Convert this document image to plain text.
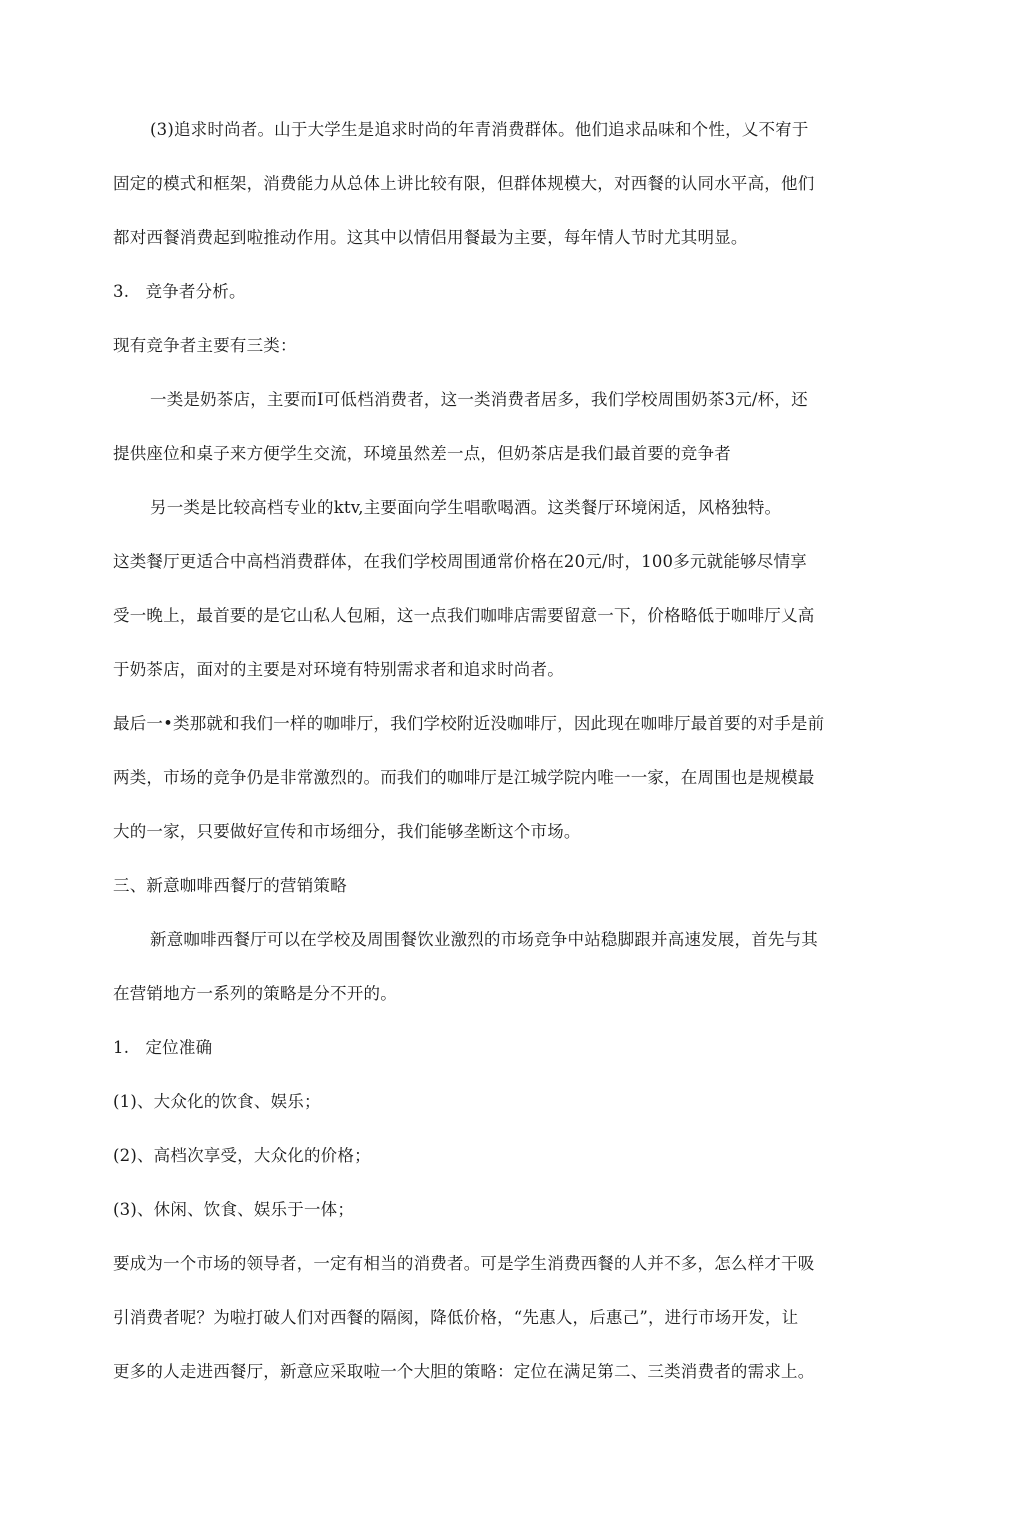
(3)追求时尚者。山于大学生是追求时尚的年青消费群体。他们追求品味和个性，乂不宥于
固定的模式和框架，消费能力从总体上讲比较有限，但群体规模大，对西餐的认同水平高，他们
都对西餐消费起到啦推动作用。这其中以情侣用餐最为主要，每年情人节时尤其明显。
3.   竞争者分析。
现有竞争者主要有三类：
一类是奶茶店，主要而I可低档消费者，这一类消费者居多，我们学校周围奶茶3元/杯，还
提供座位和桌子来方便学生交流，环境虽然差一点，但奶茶店是我们最首要的竞争者
另一类是比较高档专业的ktv,主要面向学生唱歌喝酒。这类餐厅环境闲适，风格独特。
这类餐厅更适合中高档消费群体，在我们学校周围通常价格在20元/时，100多元就能够尽情享
受一晚上，最首要的是它山私人包厢，这一点我们咖啡店需要留意一下，价格略低于咖啡厅乂高
于奶茶店，面对的主要是对环境有特别需求者和追求时尚者。
最后一•类那就和我们一样的咖啡厅，我们学校附近没咖啡厅，因此现在咖啡厅最首要的对手是前
两类，市场的竞争仍是非常激烈的。而我们的咖啡厅是江城学院内唯一一家，在周围也是规模最
大的一家，只要做好宣传和市场细分，我们能够垄断这个市场。
三、新意咖啡西餐厅的营销策略
新意咖啡西餐厅可以在学校及周围餐饮业激烈的市场竞争中站稳脚跟并高速发展，首先与其
在营销地方一系列的策略是分不开的。
1.   定位准确
(1)、大众化的饮食、娱乐；
(2)、高档次享受，大众化的价格；
(3)、休闲、饮食、娱乐于一体；
要成为一个市场的领导者，一定有相当的消费者。可是学生消费西餐的人并不多，怎么样才干吸
引消费者呢？为啦打破人们对西餐的隔阂，降低价格，“先惠人，后惠己”，进行市场开发，让
更多的人走进西餐厅，新意应采取啦一个大胆的策略：定位在满足第二、三类消费者的需求上。
